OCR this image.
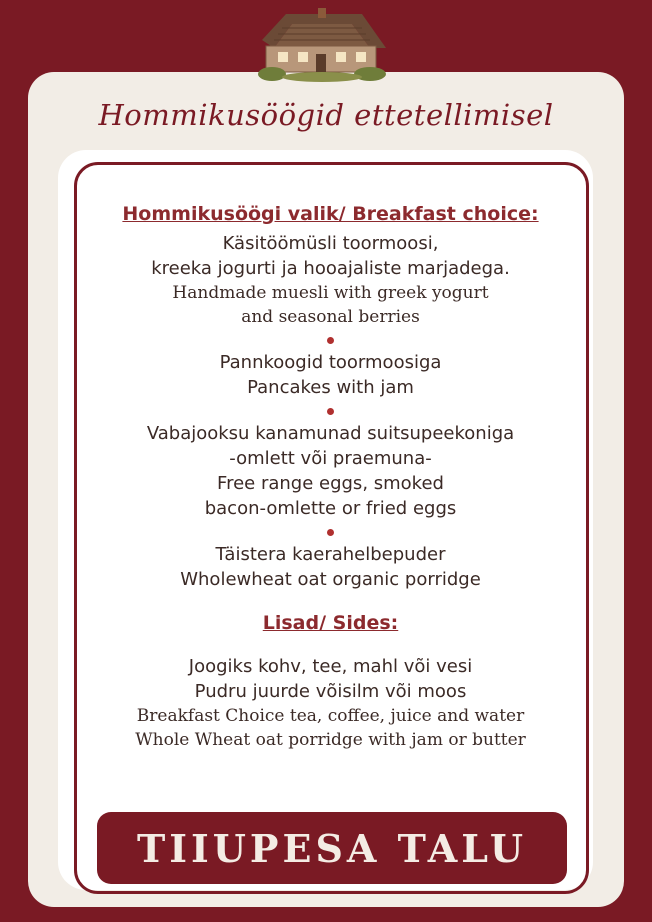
Hommikusöögid ettetellimisel
Hommikusöögi valik/ Breakfast choice:
Käsitöömüsli toormoosi,
kreeka jogurti ja hooajaliste marjadega.
Handmade muesli with greek yogurt
and seasonal berries
Pannkoogid toormoosiga
Pancakes with jam
Vabajooksu kanamunad suitsupeekoniga
-omlett või praemuna-
Free range eggs, smoked
bacon-omlette or fried eggs
Täistera kaerahelbepuder
Wholewheat oat organic porridge
Lisad/ Sides:
Joogiks kohv, tee, mahl või vesi
Pudru juurde võisilm või moos
Breakfast Choice tea, coffee, juice and water
Whole Wheat oat porridge with jam or butter
TIIUPESA TALU
